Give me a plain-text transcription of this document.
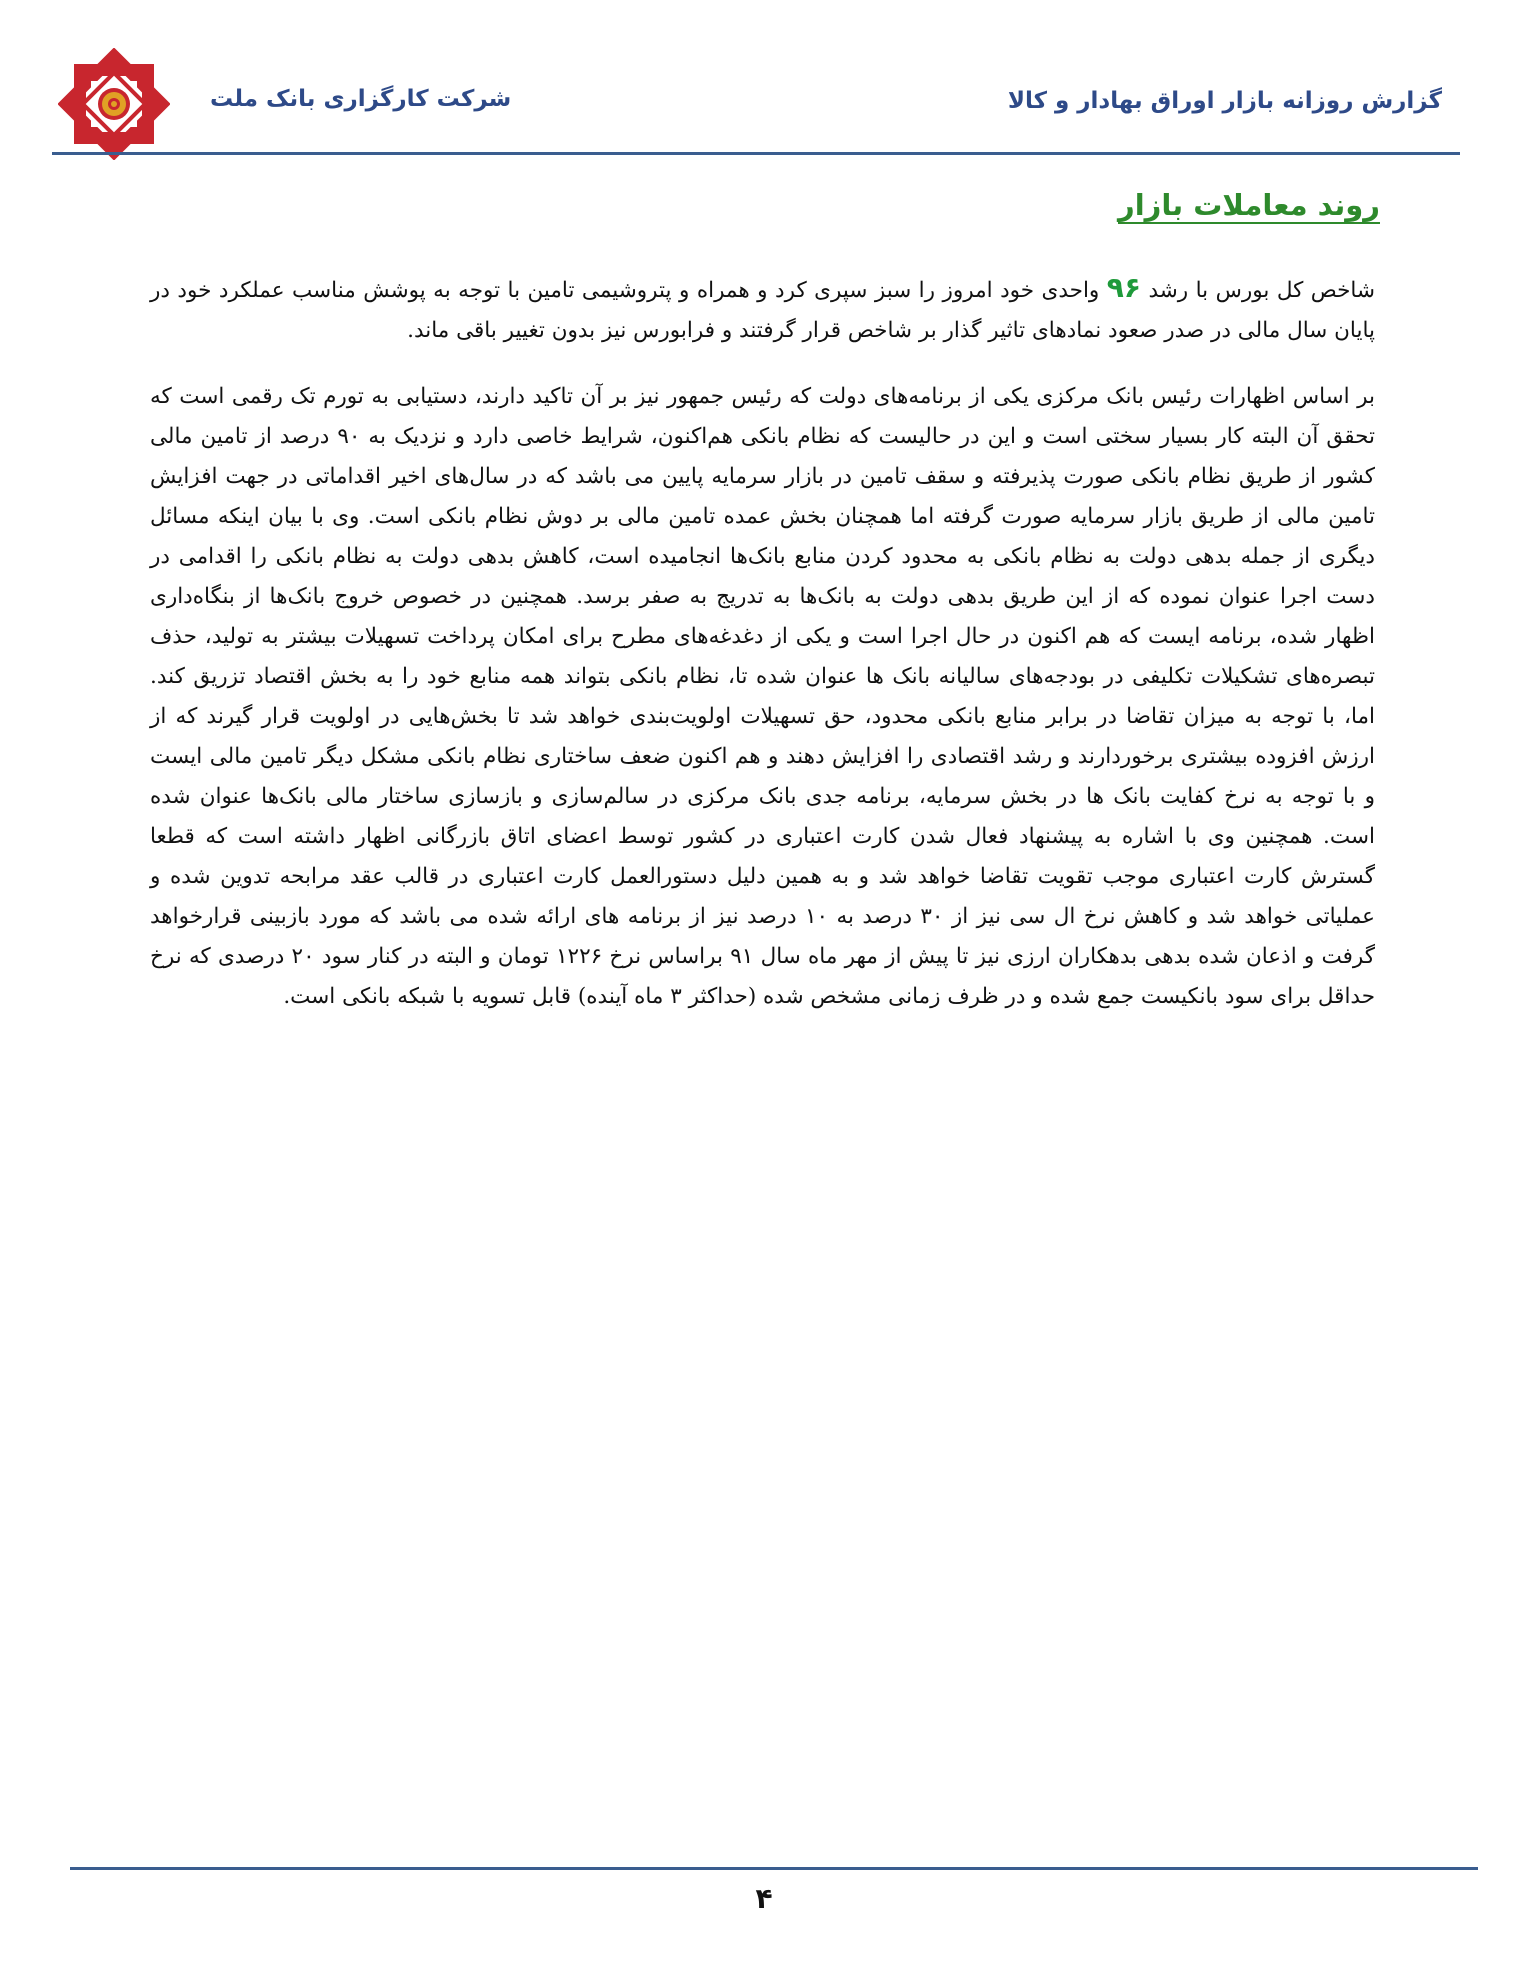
شرکت کارگزاری بانک ملت	گزارش روزانه بازار اوراق بهادار و کالا
روند معاملات بازار

شاخص کل بورس با رشد ۹۶ واحدی خود امروز را سبز سپری کرد و همراه و پتروشیمی تامین با توجه به پوشش مناسب عملکرد خود در پایان سال مالی در صدر صعود نمادهای تاثیر گذار بر شاخص قرار گرفتند و فرابورس نیز بدون تغییر باقی ماند.

بر اساس اظهارات رئیس بانک مرکزی یکی از برنامه‌های دولت که رئیس جمهور نیز بر آن تاکید دارند، دستیابی به تورم تک رقمی است که تحقق آن البته کار بسیار سختی است و این در حالیست که نظام بانکی هم‌اکنون، شرایط خاصی دارد و نزدیک به ۹۰ درصد از تامین مالی کشور از طریق نظام بانکی صورت پذیرفته و سقف تامین در بازار سرمایه پایین می باشد که در سال‌های اخیر اقداماتی در جهت افزایش تامین مالی از طریق بازار سرمایه صورت گرفته اما همچنان بخش عمده تامین مالی بر دوش نظام بانکی است. وی با بیان اینکه مسائل دیگری از جمله بدهی دولت به نظام بانکی به محدود کردن منابع بانک‌ها انجامیده است، کاهش بدهی دولت به نظام بانکی را اقدامی در دست اجرا عنوان نموده که از این طریق بدهی دولت به بانک‌ها به تدریج به صفر برسد. همچنین در خصوص خروج بانک‌ها از بنگاه‌داری اظهار شده، برنامه ایست که هم اکنون در حال اجرا است و یکی از دغدغه‌های مطرح برای امکان پرداخت تسهیلات بیشتر به تولید، حذف تبصره‌های تشکیلات تکلیفی در بودجه‌های سالیانه بانک ها عنوان شده تا، نظام بانکی بتواند همه منابع خود را به بخش اقتصاد تزریق کند. اما، با توجه به میزان تقاضا در برابر منابع بانکی محدود، حق تسهیلات اولویت‌بندی خواهد شد تا بخش‌هایی در اولویت قرار گیرند که از ارزش افزوده بیشتری برخوردارند و رشد اقتصادی را افزایش دهند و هم اکنون ضعف ساختاری نظام بانکی مشکل دیگر تامین مالی ایست و با توجه به نرخ کفایت بانک ها در بخش سرمایه، برنامه جدی بانک مرکزی در سالم‌سازی و بازسازی ساختار مالی بانک‌ها عنوان شده است. همچنین وی با اشاره به پیشنهاد فعال شدن کارت اعتباری در کشور توسط اعضای اتاق بازرگانی اظهار داشته است که قطعا گسترش کارت اعتباری موجب تقویت تقاضا خواهد شد و به همین دلیل دستورالعمل کارت اعتباری در قالب عقد مرابحه تدوین شده و عملیاتی خواهد شد و کاهش نرخ ال سی نیز از ۳۰ درصد به ۱۰ درصد نیز از برنامه های ارائه شده می باشد که مورد بازبینی قرارخواهد گرفت و اذعان شده بدهی بدهکاران ارزی نیز تا پیش از مهر ماه سال ۹۱ براساس نرخ ۱۲۲۶ تومان و البته در کنار سود ۲۰ درصدی که نرخ حداقل برای سود بانکیست جمع شده و در ظرف زمانی مشخص شده (حداکثر ۳ ماه آینده) قابل تسویه با شبکه بانکی است.

۴
